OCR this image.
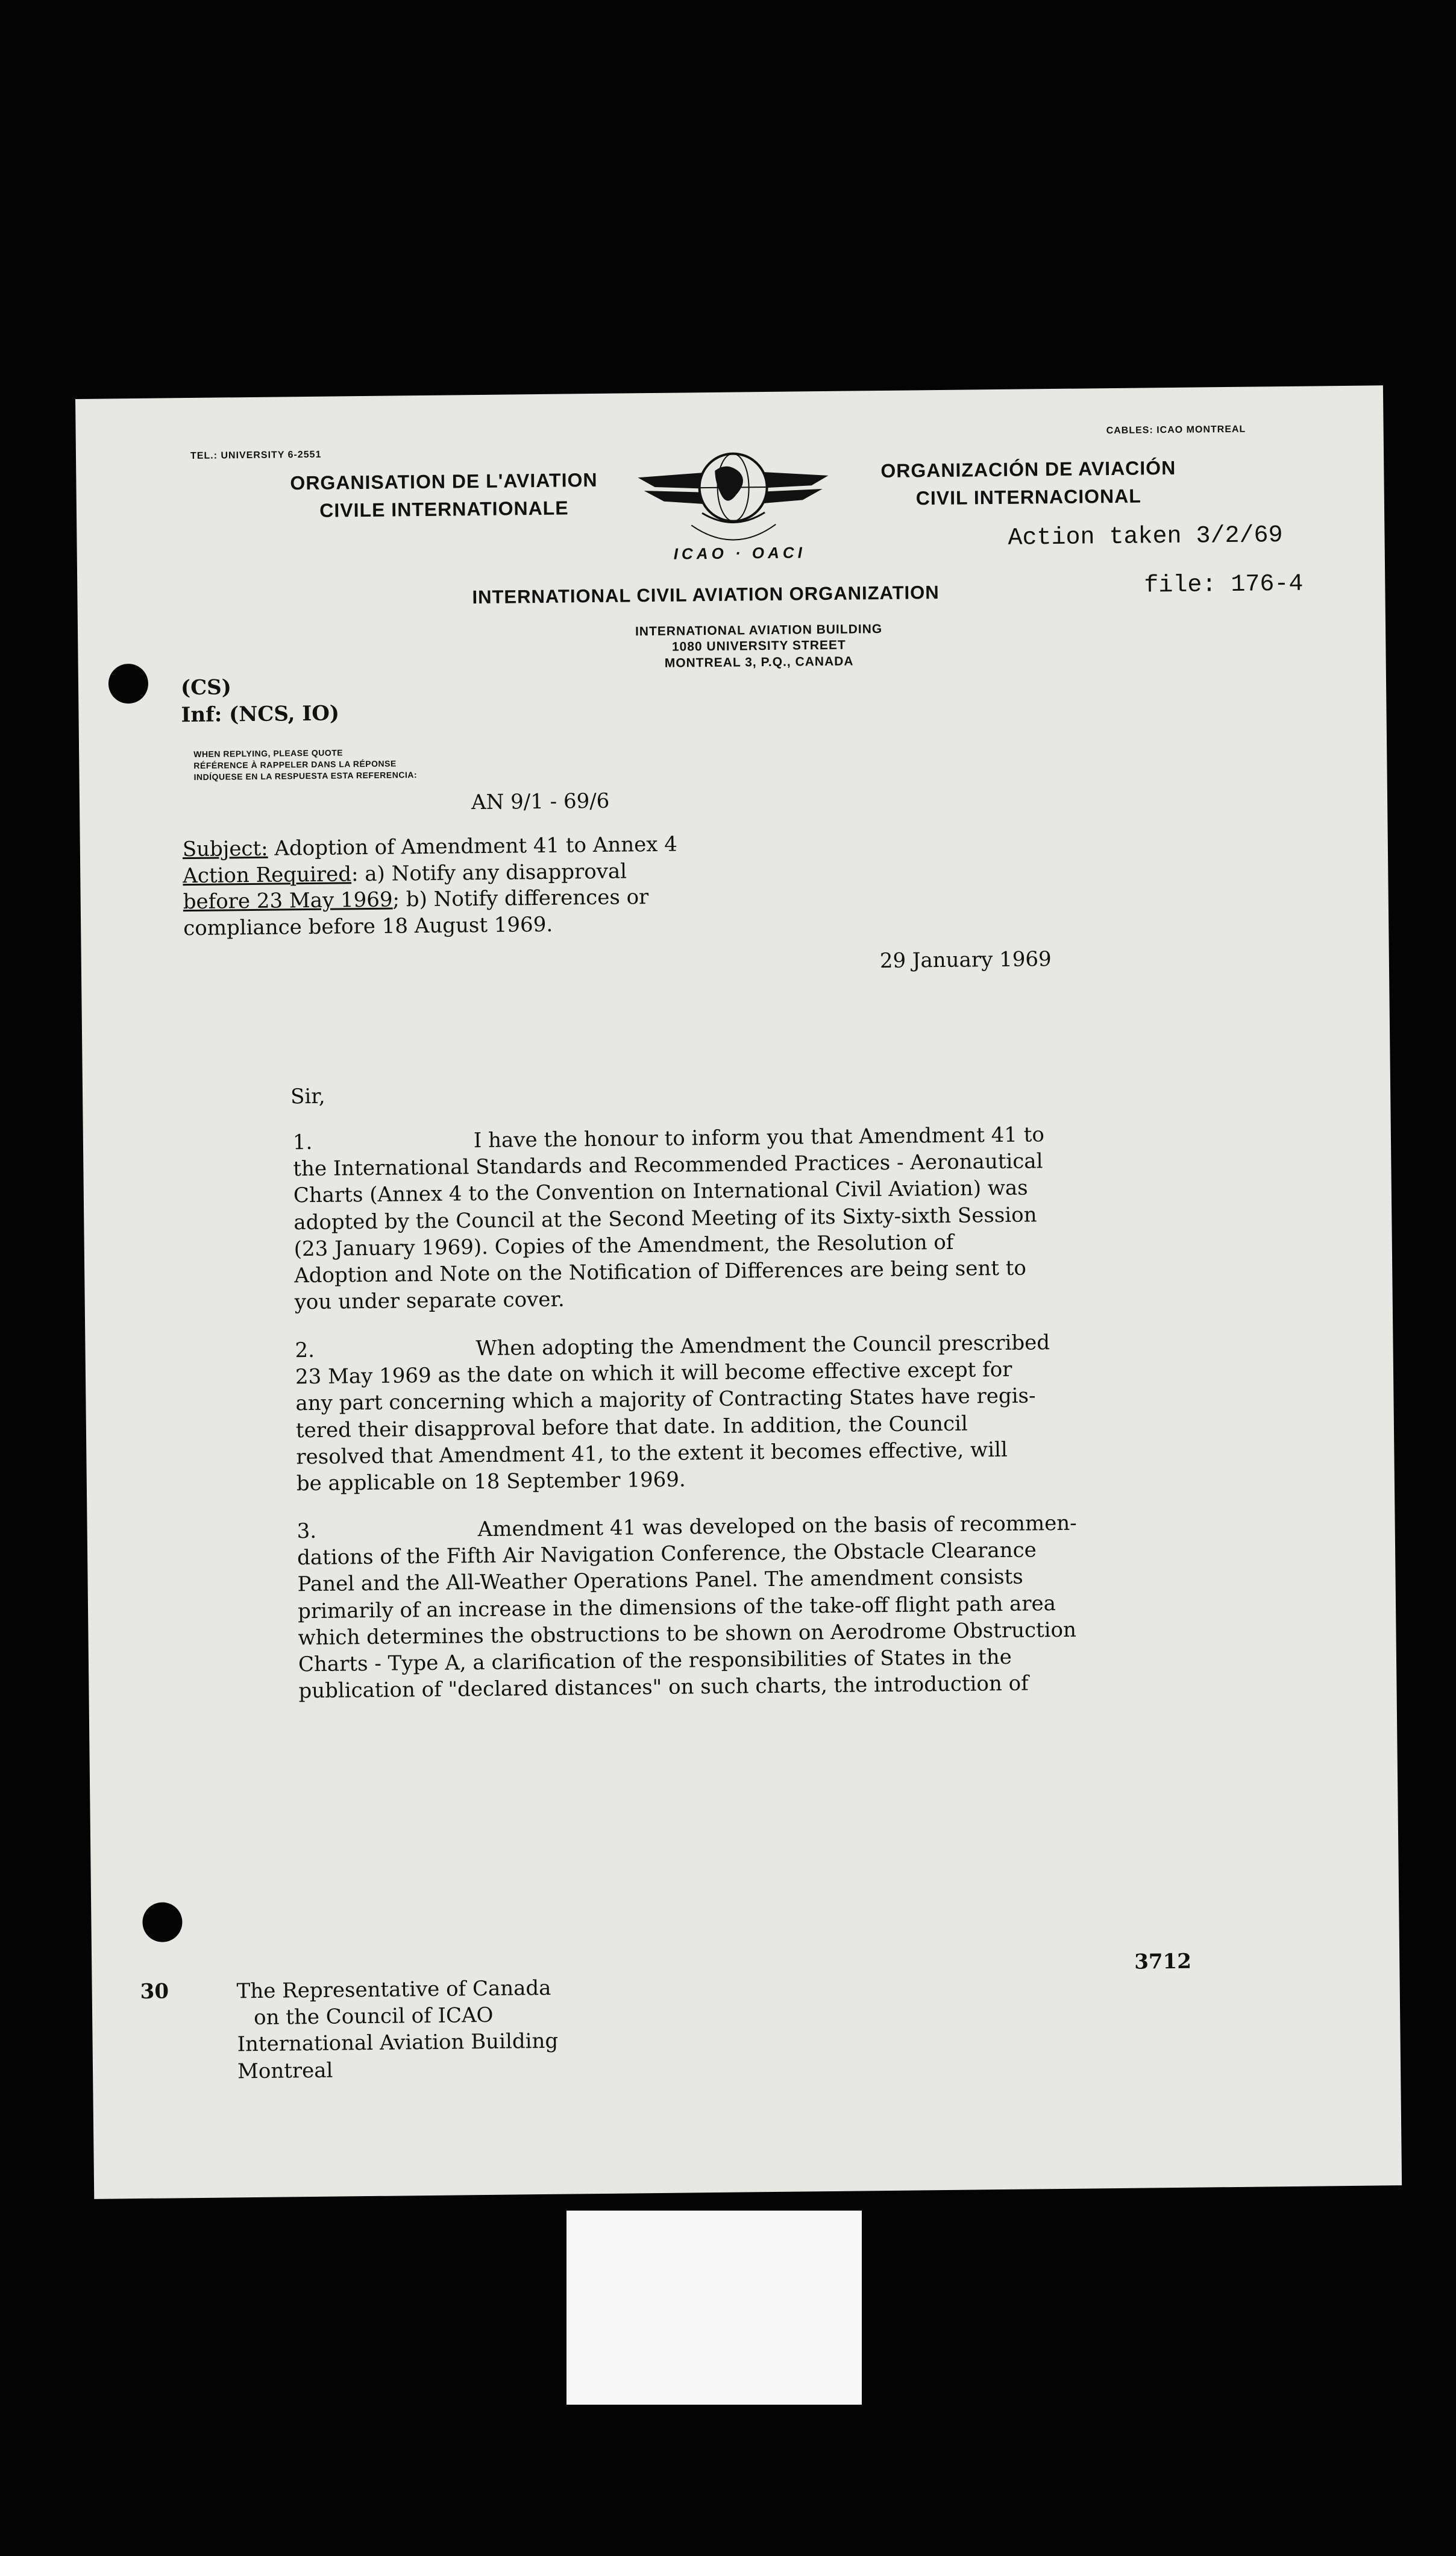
TEL.: UNIVERSITY 6-2551
CABLES: ICAO MONTREAL
ORGANISATION DE L'AVIATION
CIVILE INTERNATIONALE
ICAO · OACI
ORGANIZACIÓN DE AVIACIÓN
CIVIL INTERNACIONAL
Action taken 3/2/69
INTERNATIONAL CIVIL AVIATION ORGANIZATION	file: 176-4
INTERNATIONAL AVIATION BUILDING
1080 UNIVERSITY STREET
MONTREAL 3, P.Q., CANADA
(CS)
Inf: (NCS, IO)
WHEN REPLYING, PLEASE QUOTE
RÉFÉRENCE À RAPPELER DANS LA RÉPONSE
INDÍQUESE EN LA RESPUESTA ESTA REFERENCIA:
AN 9/1 - 69/6
Subject: Adoption of Amendment 41 to Annex 4
Action Required: a) Notify any disapproval
before 23 May 1969; b) Notify differences or
compliance before 18 August 1969.
29 January 1969
Sir,
1.	I have the honour to inform you that Amendment 41 to
the International Standards and Recommended Practices - Aeronautical
Charts (Annex 4 to the Convention on International Civil Aviation) was
adopted by the Council at the Second Meeting of its Sixty-sixth Session
(23 January 1969). Copies of the Amendment, the Resolution of
Adoption and Note on the Notification of Differences are being sent to
you under separate cover.
2.	When adopting the Amendment the Council prescribed
23 May 1969 as the date on which it will become effective except for
any part concerning which a majority of Contracting States have regis-
tered their disapproval before that date. In addition, the Council
resolved that Amendment 41, to the extent it becomes effective, will
be applicable on 18 September 1969.
3.	Amendment 41 was developed on the basis of recommen-
dations of the Fifth Air Navigation Conference, the Obstacle Clearance
Panel and the All-Weather Operations Panel. The amendment consists
primarily of an increase in the dimensions of the take-off flight path area
which determines the obstructions to be shown on Aerodrome Obstruction
Charts - Type A, a clarification of the responsibilities of States in the
publication of "declared distances" on such charts, the introduction of
3712
30	The Representative of Canada
on the Council of ICAO
International Aviation Building
Montreal
